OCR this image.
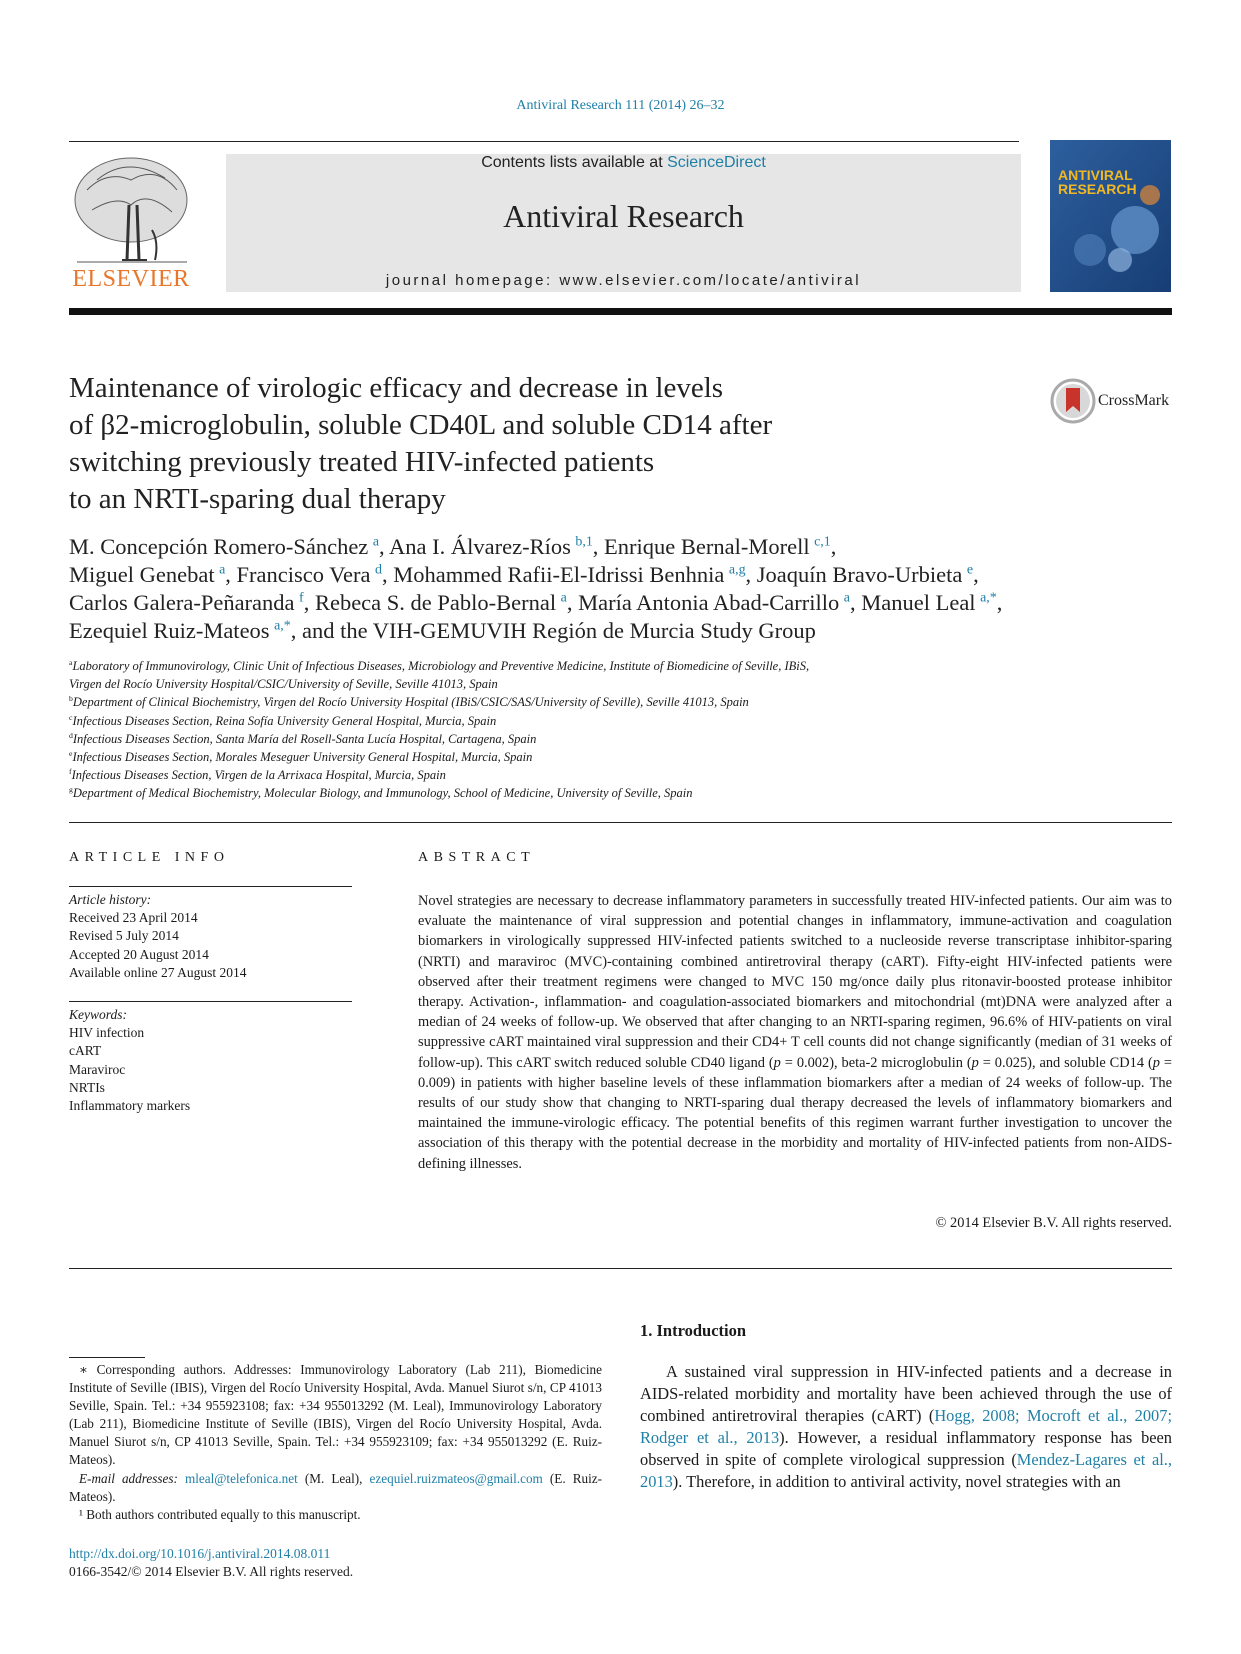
Antiviral Research 111 (2014) 26–32
ELSEVIER
Contents lists available at ScienceDirect
Antiviral Research
journal homepage: www.elsevier.com/locate/antiviral
ANTIVIRAL RESEARCH
Maintenance of virologic efficacy and decrease in levels
of β2-microglobulin, soluble CD40L and soluble CD14 after
switching previously treated HIV-infected patients
to an NRTI-sparing dual therapy
CrossMark
M. Concepción Romero-Sánchez  $^a$, Ana I. Álvarez-Ríos  $^{b,1}$, Enrique Bernal-Morell  $^{c,1}$,
Miguel Genebat  $^a$, Francisco Vera  $^d$, Mohammed Rafii-El-Idrissi Benhnia  $^{a,g}$, Joaquín Bravo-Urbieta  $^e$,
Carlos Galera-Peñaranda  $^f$, Rebeca S. de Pablo-Bernal  $^a$, María Antonia Abad-Carrillo  $^a$, Manuel Leal  $^{a,*}$,
Ezequiel Ruiz-Mateos  $^{a,*}$, and the VIH-GEMUVIH Región de Murcia Study Group
$^a$Laboratory of Immunovirology, Clinic Unit of Infectious Diseases, Microbiology and Preventive Medicine, Institute of Biomedicine of Seville, IBiS,
Virgen del Rocío University Hospital/CSIC/University of Seville, Seville 41013, Spain
$^b$Department of Clinical Biochemistry, Virgen del Rocío University Hospital (IBiS/CSIC/SAS/University of Seville), Seville 41013, Spain
$^c$Infectious Diseases Section, Reina Sofía University General Hospital, Murcia, Spain
$^d$Infectious Diseases Section, Santa María del Rosell-Santa Lucía Hospital, Cartagena, Spain
$^e$Infectious Diseases Section, Morales Meseguer University General Hospital, Murcia, Spain
$^f$Infectious Diseases Section, Virgen de la Arrixaca Hospital, Murcia, Spain
$^g$Department of Medical Biochemistry, Molecular Biology, and Immunology, School of Medicine, University of Seville, Spain
ARTICLE INFO
Article history:
Received 23 April 2014
Revised 5 July 2014
Accepted 20 August 2014
Available online 27 August 2014
Keywords:
HIV infection
cART
Maraviroc
NRTIs
Inflammatory markers
ABSTRACT
Novel strategies are necessary to decrease inflammatory parameters in successfully treated HIV-infected patients. Our aim was to evaluate the maintenance of viral suppression and potential changes in inflammatory, immune-activation and coagulation biomarkers in virologically suppressed HIV-infected patients switched to a nucleoside reverse transcriptase inhibitor-sparing (NRTI) and maraviroc (MVC)-containing combined antiretroviral therapy (cART). Fifty-eight HIV-infected patients were observed after their treatment regimens were changed to MVC 150 mg/once daily plus ritonavir-boosted protease inhibitor therapy. Activation-, inflammation- and coagulation-associated biomarkers and mitochondrial (mt)DNA were analyzed after a median of 24 weeks of follow-up. We observed that after changing to an NRTI-sparing regimen, 96.6% of HIV-patients on viral suppressive cART maintained viral suppression and their CD4+ T cell counts did not change significantly (median of 31 weeks of follow-up). This cART switch reduced soluble CD40 ligand (p = 0.002), beta-2 microglobulin (p = 0.025), and soluble CD14 (p = 0.009) in patients with higher baseline levels of these inflammation biomarkers after a median of 24 weeks of follow-up. The results of our study show that changing to NRTI-sparing dual therapy decreased the levels of inflammatory biomarkers and maintained the immune-virologic efficacy. The potential benefits of this regimen warrant further investigation to uncover the association of this therapy with the potential decrease in the morbidity and mortality of HIV-infected patients from non-AIDS-defining illnesses.
© 2014 Elsevier B.V. All rights reserved.

∗ Corresponding authors. Addresses: Immunovirology Laboratory (Lab 211), Biomedicine Institute of Seville (IBIS), Virgen del Rocío University Hospital, Avda. Manuel Siurot s/n, CP 41013 Seville, Spain. Tel.: +34 955923108; fax: +34 955013292 (M. Leal), Immunovirology Laboratory (Lab 211), Biomedicine Institute of Seville (IBIS), Virgen del Rocío University Hospital, Avda. Manuel Siurot s/n, CP 41013 Seville, Spain. Tel.: +34 955923109; fax: +34 955013292 (E. Ruiz-Mateos).

E-mail addresses: mleal@telefonica.net (M. Leal), ezequiel.ruizmateos@gmail.com (E. Ruiz-Mateos).

¹ Both authors contributed equally to this manuscript.

http://dx.doi.org/10.1016/j.antiviral.2014.08.011
0166-3542/© 2014 Elsevier B.V. All rights reserved.
1. Introduction
A sustained viral suppression in HIV-infected patients and a decrease in AIDS-related morbidity and mortality have been achieved through the use of combined antiretroviral therapies (cART) (Hogg, 2008; Mocroft et al., 2007; Rodger et al., 2013). However, a residual inflammatory response has been observed in spite of complete virological suppression (Mendez-Lagares et al., 2013). Therefore, in addition to antiviral activity, novel strategies with an
